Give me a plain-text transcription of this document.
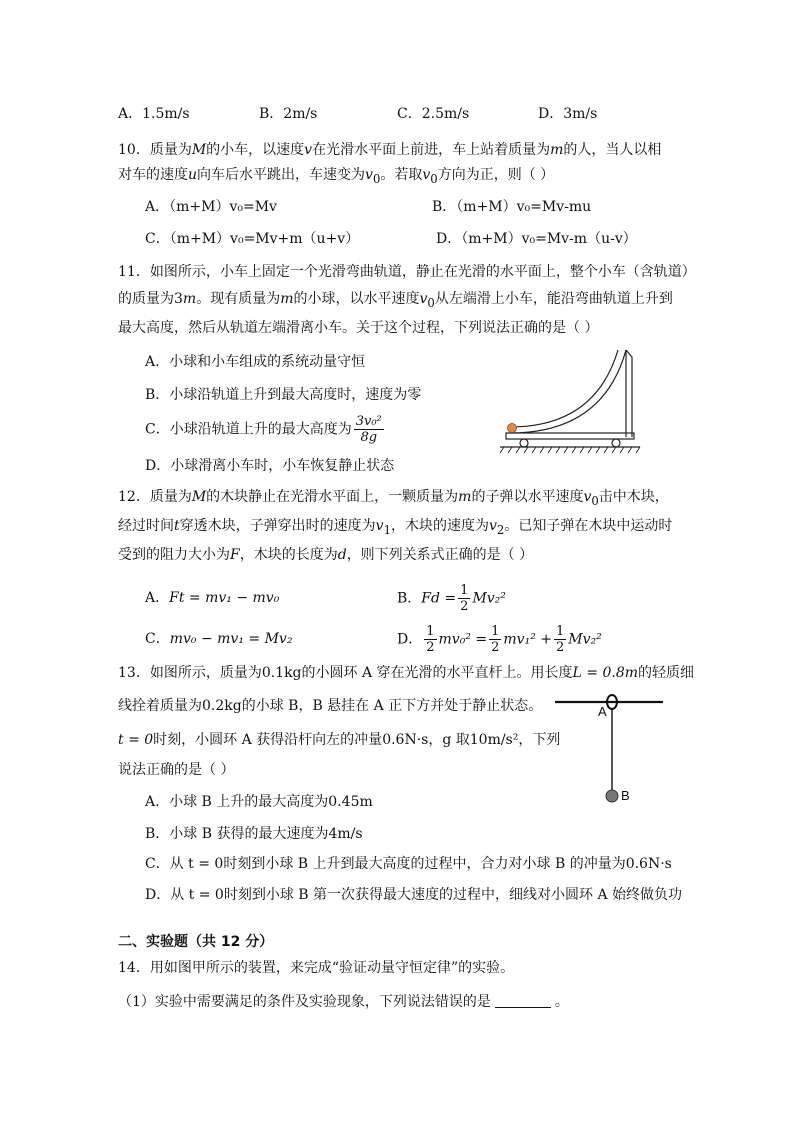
A．1.5m/s	B．2m/s	C．2.5m/s	D．3m/s
10．质量为M的小车，以速度v在光滑水平面上前进，车上站着质量为m的人，当人以相
对车的速度u向车后水平跳出，车速变为$v_0$。若取$v_0$方向为正，则（ ）
A．（m+M）v₀=Mv	B．（m+M）v₀=Mv-mu
C．（m+M）v₀=Mv+m（u+v）	D．（m+M）v₀=Mv-m（u-v）
11．如图所示，小车上固定一个光滑弯曲轨道，静止在光滑的水平面上，整个小车（含轨道）
的质量为3m。现有质量为m的小球，以水平速度$v_0$从左端滑上小车，能沿弯曲轨道上升到
最大高度，然后从轨道左端滑离小车。关于这个过程，下列说法正确的是（ ）
A．小球和小车组成的系统动量守恒
B．小球沿轨道上升到最大高度时，速度为零
C．小球沿轨道上升的最大高度为 $\frac{\text{3v₀²}}{8g}$
D．小球滑离小车时，小车恢复静止状态
12．质量为M的木块静止在光滑水平面上，一颗质量为m的子弹以水平速度$v_0$击中木块，
经过时间t穿透木块，子弹穿出时的速度为$v_1$，木块的速度为$v_2$。已知子弹在木块中运动时
受到的阻力大小为F，木块的长度为d，则下列关系式正确的是（ ）
A．Ft = mv₁ − mv₀	B．$Fd = \frac{1}{2} Mv_2^2$
C．mv₀ − mv₁ = Mv₂	D． $\frac{1}{2} mv_0^2 = \frac{1}{2} mv_1^2 + \frac{1}{2} Mv_2^2$
13．如图所示，质量为0.1kg的小圆环 A 穿在光滑的水平直杆上。用长度L = 0.8m的轻质细
线拴着质量为0.2kg的小球 B，B 悬挂在 A 正下方并处于静止状态。
t = 0时刻，小圆环 A 获得沿杆向左的冲量0.6N·s，g 取10m/s²，下列
说法正确的是（ ）
A．小球 B 上升的最大高度为0.45m
B．小球 B 获得的最大速度为4m/s
C．从 t = 0时刻到小球 B 上升到最大高度的过程中，合力对小球 B 的冲量为0.6N·s
D．从 t = 0时刻到小球 B 第一次获得最大速度的过程中，细线对小圆环 A 始终做负功
A
B
二、实验题（共 12 分）
14．用如图甲所示的装置，来完成“验证动量守恒定律”的实验。
（1）实验中需要满足的条件及实验现象，下列说法错误的是	。
